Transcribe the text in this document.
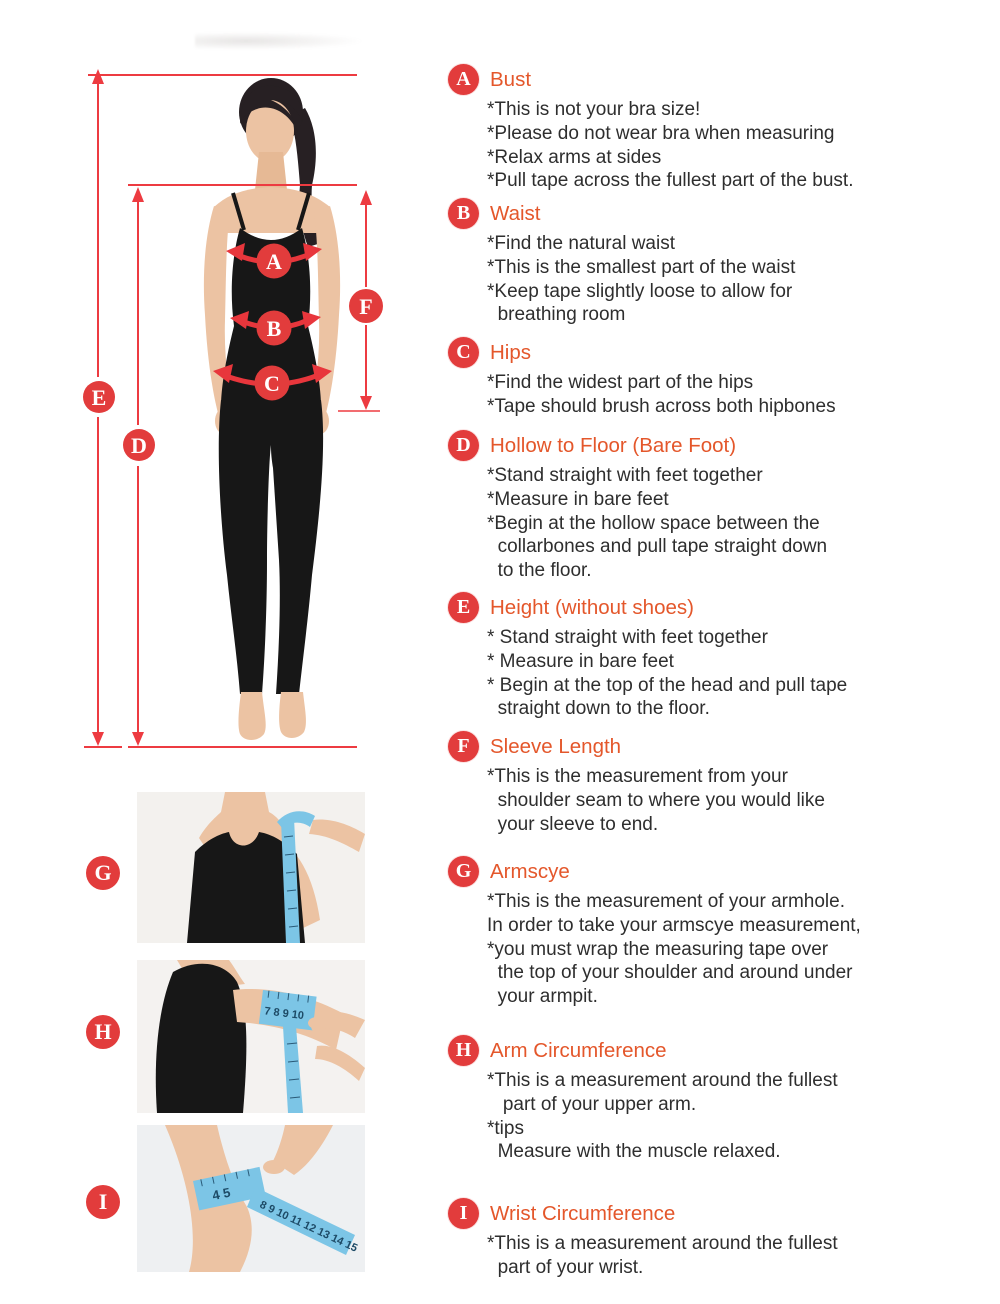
A
B
C
D
E
F
7 8 9 10
4 5
8 9 10 11 12 13 14 15
G
H
I
A Bust
*This is not your bra size!
*Please do not wear bra when measuring
*Relax arms at sides
*Pull tape across the fullest part of the bust.
B Waist
*Find the natural waist
*This is the smallest part of the waist
*Keep tape slightly loose to allow for
breathing room
C Hips
*Find the widest part of the hips
*Tape should brush across both hipbones
D Hollow to Floor (Bare Foot)
*Stand straight with feet together
*Measure in bare feet
*Begin at the hollow space between the
collarbones and pull tape straight down
to the floor.
E Height (without shoes)
* Stand straight with feet together
* Measure in bare feet
* Begin at the top of the head and pull tape
straight down to the floor.
F Sleeve Length
*This is the measurement from your
shoulder seam to where you would like
your sleeve to end.
G Armscye
*This is the measurement of your armhole.
In order to take your armscye measurement,
*you must wrap the measuring tape over
the top of your shoulder and around under
your armpit.
H Arm Circumference
*This is a measurement around the fullest
part of your upper arm.
*tips
Measure with the muscle relaxed.
I Wrist Circumference
*This is a measurement around the fullest
part of your wrist.
